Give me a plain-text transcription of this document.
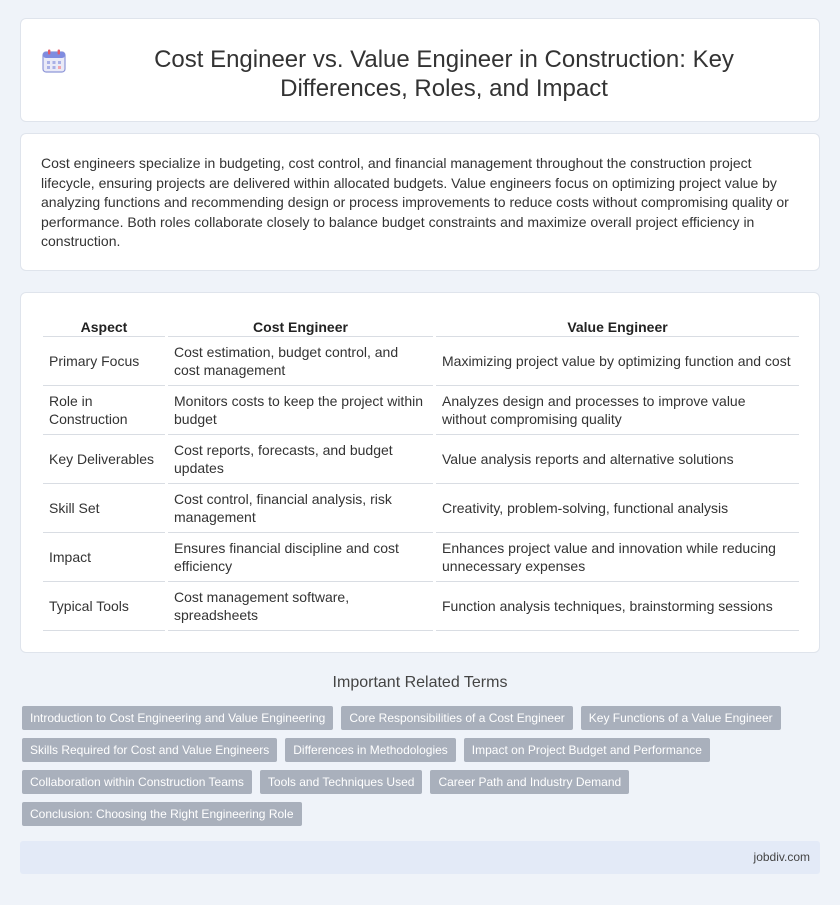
Cost Engineer vs. Value Engineer in Construction: Key Differences, Roles, and Impact

Cost engineers specialize in budgeting, cost control, and financial management throughout the construction project lifecycle, ensuring projects are delivered within allocated budgets. Value engineers focus on optimizing project value by analyzing functions and recommending design or process improvements to reduce costs without compromising quality or performance. Both roles collaborate closely to balance budget constraints and maximize overall project efficiency in construction.

Aspect	Cost Engineer	Value Engineer
Primary Focus	Cost estimation, budget control, and cost management	Maximizing project value by optimizing function and cost
Role in Construction	Monitors costs to keep the project within budget	Analyzes design and processes to improve value without compromising quality
Key Deliverables	Cost reports, forecasts, and budget updates	Value analysis reports and alternative solutions
Skill Set	Cost control, financial analysis, risk management	Creativity, problem-solving, functional analysis
Impact	Ensures financial discipline and cost efficiency	Enhances project value and innovation while reducing unnecessary expenses
Typical Tools	Cost management software, spreadsheets	Function analysis techniques, brainstorming sessions
Important Related Terms
Introduction to Cost Engineering and Value Engineering	Core Responsibilities of a Cost Engineer	Key Functions of a Value Engineer
Skills Required for Cost and Value Engineers	Differences in Methodologies	Impact on Project Budget and Performance
Collaboration within Construction Teams	Tools and Techniques Used	Career Path and Industry Demand
Conclusion: Choosing the Right Engineering Role
jobdiv.com
